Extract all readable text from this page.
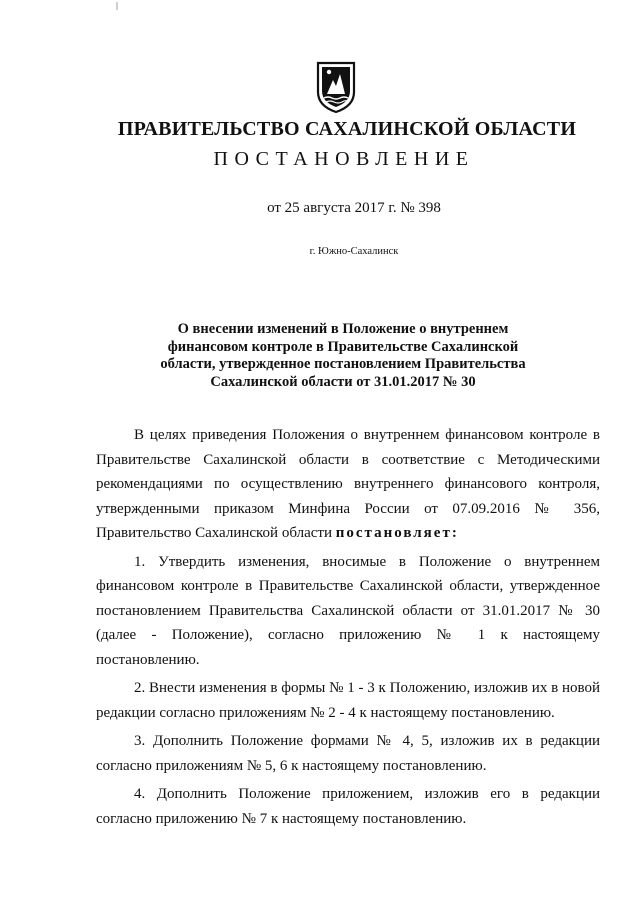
ПРАВИТЕЛЬСТВО САХАЛИНСКОЙ ОБЛАСТИ
ПОСТАНОВЛЕНИЕ
от 25 августа 2017 г. № 398
г. Южно-Сахалинск
О внесении изменений в Положение о внутреннем финансовом контроле в Правительстве Сахалинской области, утвержденное постановлением Правительства Сахалинской области от 31.01.2017 № 30

В целях приведения Положения о внутреннем финансовом контроле в Правительстве Сахалинской области в соответствие с Методическими рекомендациями по осуществлению внутреннего финансового контроля, утвержденными приказом Минфина России от 07.09.2016 № 356, Правительство Сахалинской области постановляет:

1. Утвердить изменения, вносимые в Положение о внутреннем финансовом контроле в Правительстве Сахалинской области, утвержденное постановлением Правительства Сахалинской области от 31.01.2017 № 30 (далее - Положение), согласно приложению № 1 к настоящему постановлению.

2. Внести изменения в формы № 1 - 3 к Положению, изложив их в новой редакции согласно приложениям № 2 - 4 к настоящему постановлению.

3. Дополнить Положение формами № 4, 5, изложив их в редакции согласно приложениям № 5, 6 к настоящему постановлению.

4. Дополнить Положение приложением, изложив его в редакции согласно приложению № 7 к настоящему постановлению.
